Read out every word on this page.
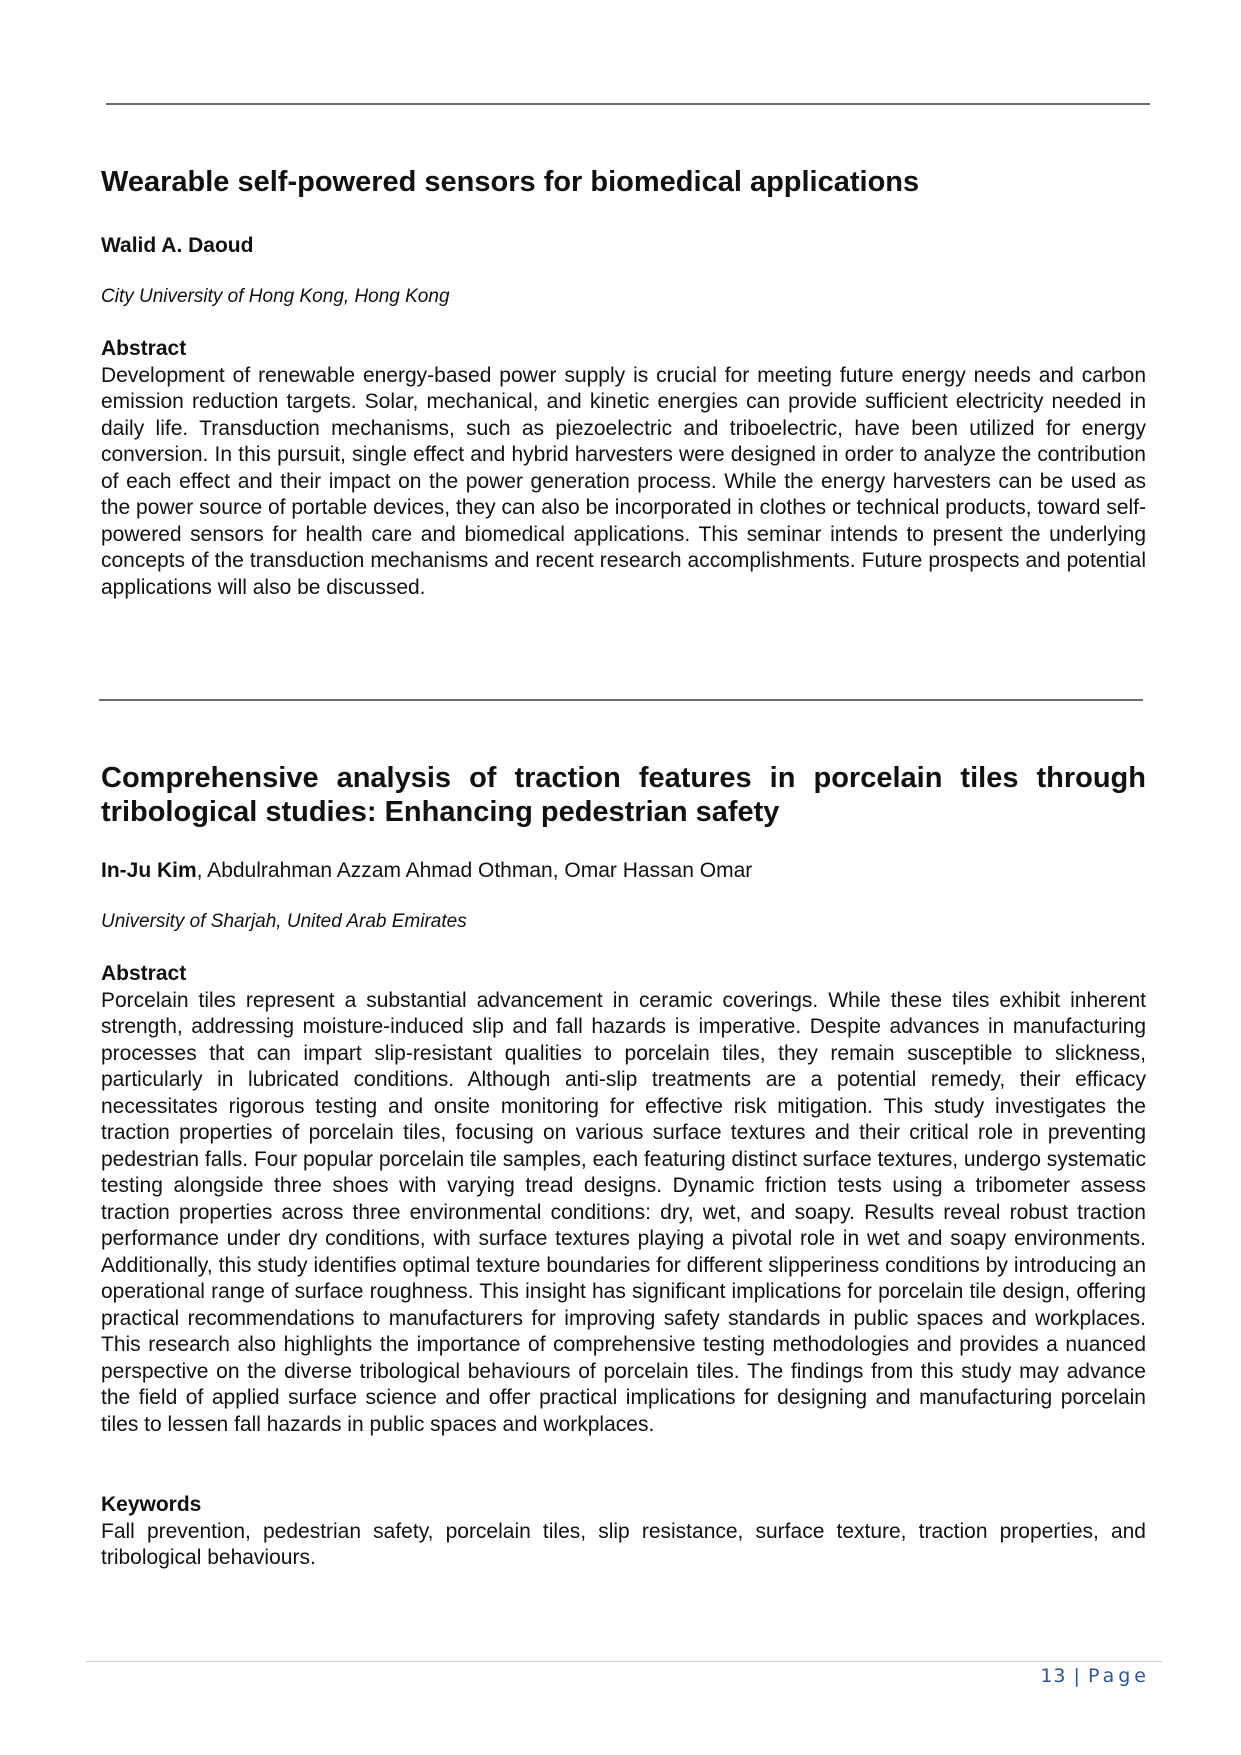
Wearable self-powered sensors for biomedical applications

Walid A. Daoud

City University of Hong Kong, Hong Kong

Abstract

Development of renewable energy-based power supply is crucial for meeting future energy needs and carbon emission reduction targets. Solar, mechanical, and kinetic energies can provide sufficient electricity needed in daily life. Transduction mechanisms, such as piezoelectric and triboelectric, have been utilized for energy conversion. In this pursuit, single effect and hybrid harvesters were designed in order to analyze the contribution of each effect and their impact on the power generation process. While the energy harvesters can be used as the power source of portable devices, they can also be incorporated in clothes or technical products, toward self-powered sensors for health care and biomedical applications. This seminar intends to present the underlying concepts of the transduction mechanisms and recent research accomplishments. Future prospects and potential applications will also be discussed.

Comprehensive analysis of traction features in porcelain tiles through tribological studies: Enhancing pedestrian safety

In-Ju Kim, Abdulrahman Azzam Ahmad Othman, Omar Hassan Omar

University of Sharjah, United Arab Emirates

Abstract

Porcelain tiles represent a substantial advancement in ceramic coverings. While these tiles exhibit inherent strength, addressing moisture-induced slip and fall hazards is imperative. Despite advances in manufacturing processes that can impart slip-resistant qualities to porcelain tiles, they remain susceptible to slickness, particularly in lubricated conditions. Although anti-slip treatments are a potential remedy, their efficacy necessitates rigorous testing and onsite monitoring for effective risk mitigation. This study investigates the traction properties of porcelain tiles, focusing on various surface textures and their critical role in preventing pedestrian falls. Four popular porcelain tile samples, each featuring distinct surface textures, undergo systematic testing alongside three shoes with varying tread designs. Dynamic friction tests using a tribometer assess traction properties across three environmental conditions: dry, wet, and soapy. Results reveal robust traction performance under dry conditions, with surface textures playing a pivotal role in wet and soapy environments. Additionally, this study identifies optimal texture boundaries for different slipperiness conditions by introducing an operational range of surface roughness. This insight has significant implications for porcelain tile design, offering practical recommendations to manufacturers for improving safety standards in public spaces and workplaces. This research also highlights the importance of comprehensive testing methodologies and provides a nuanced perspective on the diverse tribological behaviours of porcelain tiles. The findings from this study may advance the field of applied surface science and offer practical implications for designing and manufacturing porcelain tiles to lessen fall hazards in public spaces and workplaces.

Keywords

Fall prevention, pedestrian safety, porcelain tiles, slip resistance, surface texture, traction properties, and tribological behaviours.

13 | Page
